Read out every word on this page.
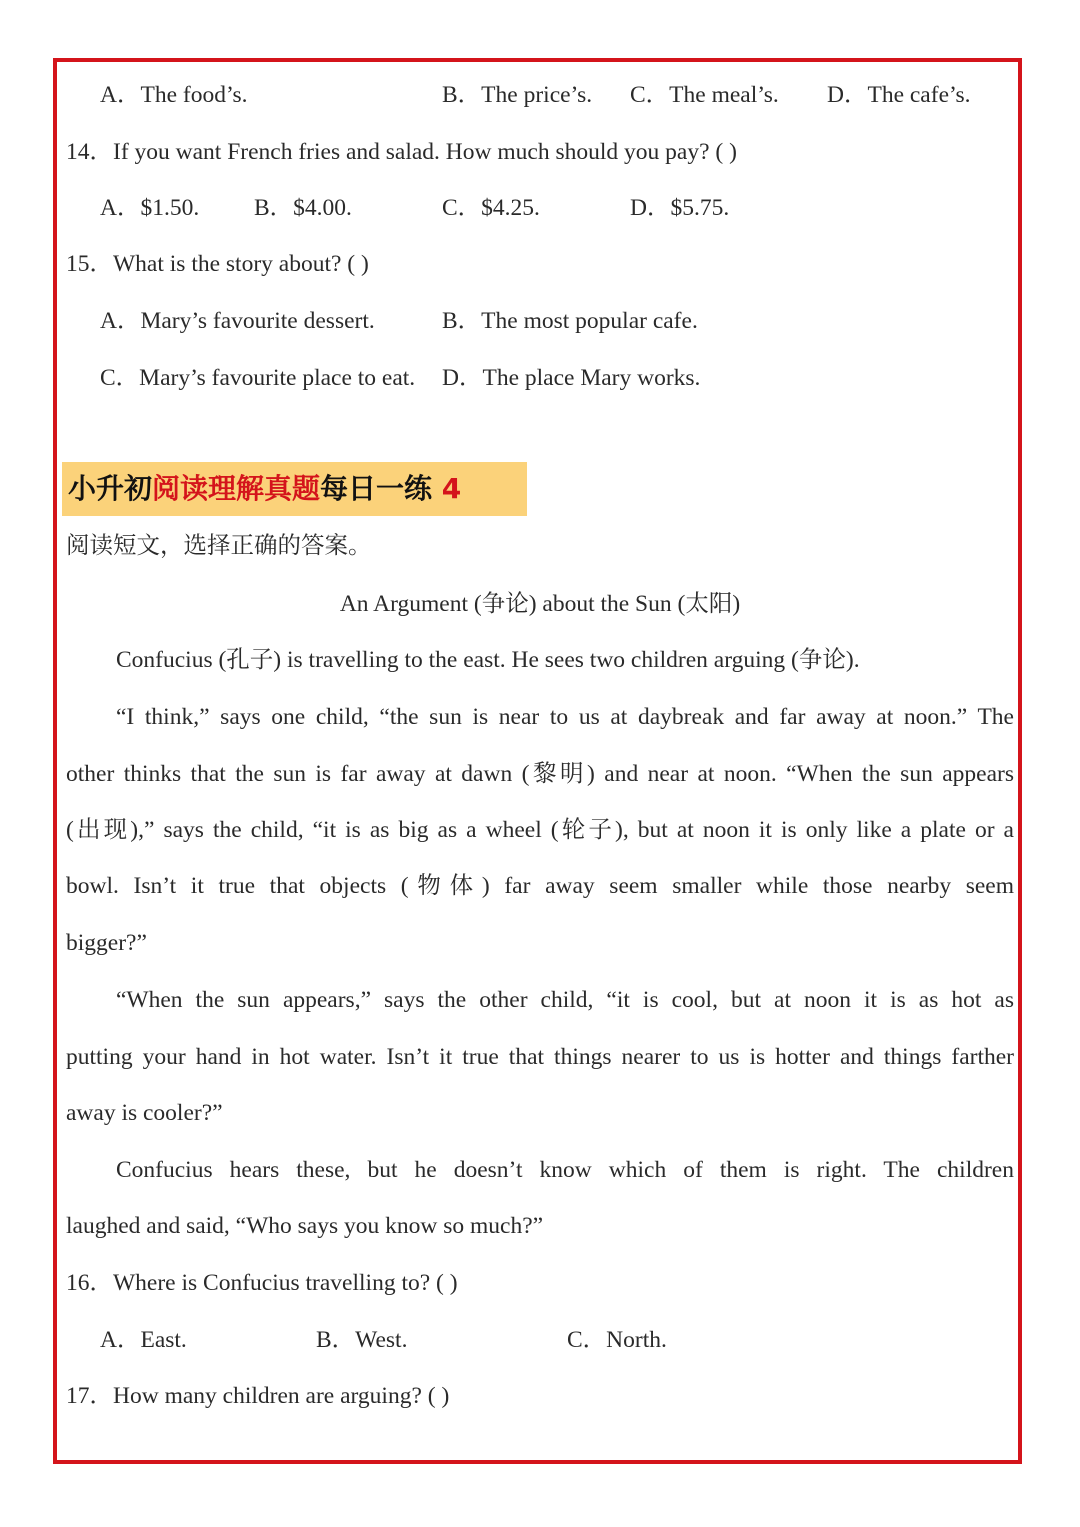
A．The food’s.	B．The price’s. C．The meal’s. D．The cafe’s.
14．If you want French fries and salad. How much should you pay? ( )
A．$1.50. B．$4.00.	C．$4.25.	D．$5.75.
15．What is the story about? ( )
A．Mary’s favourite dessert.	B．The most popular cafe.
C．Mary’s favourite place to eat. D．The place Mary works.
小升初阅读理解真题每日一练 4
阅读短文，选择正确的答案。
An Argument (争论) about the Sun (太阳)
Confucius (孔子) is travelling to the east. He sees two children arguing (争论).
“I think,” says one child, “the sun is near to us at daybreak and far away at noon.” The
other thinks that the sun is far away at dawn (黎明) and near at noon. “When the sun appears
(出现),” says the child, “it is as big as a wheel (轮子), but at noon it is only like a plate or a
bowl. Isn’t it true that objects (物体) far away seem smaller while those nearby seem
bigger?”
“When the sun appears,” says the other child, “it is cool, but at noon it is as hot as
putting your hand in hot water. Isn’t it true that things nearer to us is hotter and things farther
away is cooler?”
Confucius hears these, but he doesn’t know which of them is right. The children
laughed and said, “Who says you know so much?”
16．Where is Confucius travelling to? ( )
A．East.	B．West.	C．North.
17．How many children are arguing? ( )
